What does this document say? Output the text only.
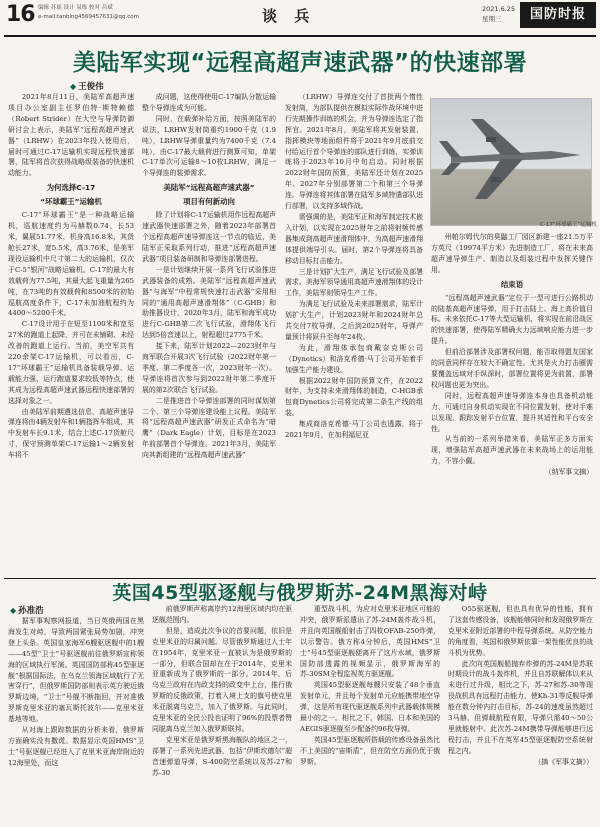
16 编辑 苏瑶 设计 易炼 校对 昌斌
e-mail:tanbing4569457631@qq.com	谈 兵	2021.6.25
星期三	国防时报
美陆军实现“远程高超声速武器”的快速部署
◆ 王俊伟

2021年8月11日，美陆军高超声速项目办公室副主任罗伯特·斯特赖德（Robert Strider）在大空与导弹防御研讨会上表示，美陆军“远程高超声速武器”（LRHW）在2023年投入使用后，届时可通过C-17运输机实现远程快速部署，陆军将首次获得战略级装备的快速机动能力。

为何选择C-17

“环球霸王”运输机

C-17“环球霸王”是一种战略运输机，巡航速度约为马赫数0.74，长53米，翼展51.77米，机身高16.8米，其货舱长27米，宽5.5米，高3.76米，是美军现役运输机中尺寸第二大的运输机，仅次于C-5“银河”战略运输机。C-17的最大有效载荷为77.5吨，其最大起飞重量为265吨，在73吨的有效载荷和8500米的初始巡航高度条件下，C-17未加油航程约为4400～5200千米。

C-17设计用于在短至1100米和宽至27米的跑道上起降，并可在未铺砌、未经改善的跑道上运行。当前，美空军共有220余架C-17运输机，可以看出，C-17“环球霸王”运输机具备装载导弹、运载能力强、运行跑道要求较低等特点，使其成为远程高超声速武器远程快速部署的选择对象之一。

由美陆军前期遴选信息，高超声速导弹连将由4辆发射车和1辆指挥车组成，其中发射车长9.1米，结合上述C-17货舱尺寸，保守预测单架C-17运输1～2辆发射车将不

成问题，这使得使用C-17编队分散运输整个导弹连成为可能。

同时，在载弹补给方面，按照美陆军的说法，LRHW发射筒重约1900千克（1.9吨），LRHW导弹重量约为7400千克（7.4吨），由C-17最大载荷进行测算可知，单架C-17单次可运输8～10枚LRHW，满足一个导弹连的装弹需求。

美陆军“远程高超声速武器”

项目有何新动向

除了计划将C-17运输机用作远程高超声速武器快速部署之外，随着2023年部署首个远程高超声速导弹连这一节点的临近，美陆军正采取系列行动，推进“远程高超声速武器”项目装备研制和导弹连部署进程。

一是计划继续开展一系列飞行试验推进武器装备的成熟。美陆军“远程高超声速武器”与海军“中程常规快速打击武器”采用相同的“通用高超声速滑翔体”（C-GHB）和助推器设计，2020年3月，陆军和海军成功进行C-GHB第二次飞行试验，滑翔体飞行达到5倍音速以上，射程超过2775千米。

接下来，陆军计划2022—2023财年与海军联合开展3次飞行试验（2022财年第一季度、第二季度各一次，2023财年一次）。导弹连将首次参与到2022财年第二季度开展的第2次联合飞行试验。

二是推进首个导弹连部署的同时谋划第二个、第三个导弹连建设能上议程。美陆军将“远程高超声速武器”研发正式命名为“暗鹰”（Dark Eagle）计划，目标是在2023年前部署首个导弹连。2021年3月，美陆军向其新组建的“远程高超声速武器”

（LRHW）导弹连交付了首批两个惰性发射筒，为部队提供在模拟实际作战环境中进行先期操作训练的机会，并为导弹连选定了指挥官。2021年8月，美陆军将其发射装置、指挥模块等地面组件将于2021年9月底前交付给运行首个导弹连的部队进行训练，实弹训练将于2023年10月中旬启动。同时根据2022财年国防预算，美陆军还计划在2025年、2027年分别部署第二个和第三个导弹连。导弹连将其体部署在陆军多域特遣部队进行部署，以支持多域作战。

需强调的是，美陆军正和海军制定技术嵌入计划，以实现在2025财年之前将射频传感器集成到高超声速滑翔体中，为高超声速滑翔体提供端导引头。届时，第2个导弹连将具备移动目标打击能力。

三是计划扩大生产，满足飞行试验及部署需求。美海军领导通用高超声速滑翔体的设计工作，美陆军则领导生产工作。

为满足飞行试验及未来部署需求，陆军计划扩大生产，计划2023财年和2024财年总共交付7枚导弹，之后到2025财年，导弹产量预计将跃升至每年24枚。

为此，滑翔体承包商戴奈克斯公司（Dynetics）和洛克希德·马丁公司开始着手加强生产能力建设。

根据2022财年国防预算文件，在2022财年，为支持未来滑翔体的制造，C-HGB承包商Dynetics公司将完成第二条生产线的组装。

集成商洛克希德·马丁公司也透露，将于2021年9月，在加利福尼亚

C-17“环球霸王”运输机

州帕尔姆代尔的臭鼬工厂园区新建一座21.5万平方英尺（19974平方米）先进制造工厂，将在未来高超声速导弹生产、制造以及组装过程中发挥关键作用。

结束语

“远程高超声速武器”定位于一型可进行公路机动的陆基高超声速导弹，用于打击陆上、海上高价值目标。未来依托C-17等大型运输机，将实现在前沿战区的快速部署，使得陆军精确火力远域响应能力进一步提升。

但前沿部署涉及部署权问题，能否取得盟友国家的同意同样存在较大不确定性。尤其是火力打击圈需要覆盖远域对手纵深时，部署位置将更为前置，部署权问题也更为突出。

同时，远程高超声速导弹连本身也具备机动能力，可通过自身机动实现在不同位置发射，使对手难以发现、跟踪发射平台位置，提升其适性和平台安全性。

从当前的一系列举措来看，美陆军正多方面实现，增强陆军高超声速武器在未来战场上的运用能力，不容小觑。

（纳军事文摘）

英国45型驱逐舰与俄罗斯苏-24M黑海对峙
◆ 孙准浩

据军事观察网报道，当日英俄两国在黑海发生对峙，导致两国紧张局势加剧，冲突登上头条。英国皇家海军6艘驱逐舰中的1艘——45型“卫士”号驱逐舰前往俄罗斯宣称领海的区域执行军演。英国国防部称45型驱逐舰”根据国际法，在乌克兰领海区域航行了无害穿行”，但俄罗斯国防部则表示英方驶近俄罗斯边境，“卫士”号舰不断拖回，并对准俄罗斯克里米亚的塞瓦斯托波尔——克里米亚基地等地。

从对海上跟踪数据的分析来看，俄罗斯方面确实没有撒谎。数据显示英国HMS“卫士”号驱逐舰已经进入了克里米亚海岸附近的12海里处，而这

前俄罗斯声称离岸约12海里区域内均在驱逐舰范围内。

但是，造成此次争议的首要问题，依旧是克里米亚的归属问题。尽管俄罗斯通过人士年在1954年，克里米亚一直被认为是俄罗斯的一部分，但联合国却在在于2014年，克里米亚重新成为了俄罗斯的一部分。2014年，后乌克兰政府在内政支持的政变中上台，推行俄罗斯的反俄政策，打着入境上支的旗号使克里米亚脱离乌克兰，加入了俄罗斯。与此同时，克里米亚的全民公投也证明了96%的投票者赞同脱离乌克兰加入俄罗斯联邦。

克里米亚是俄罗斯黑海舰队的地区之一，部署了一系列先进武器，包括“伊斯坎德尔”超音速弹道导弹，S-400防空系统以及苏-27和苏-30

重型战斗机，为应对克里米亚地区可能的冲突，俄罗斯派遣出了苏-24M轰炸战斗机，并且向英国舰船射击了四枚OFAB-250炸弹，以示警告。俄方称4分钟后，英国HMS“卫士”号45型驱逐舰便离开了这片水域，俄罗斯国防部透露的视频显示，俄罗斯海军的苏-30SM全程监视英方驱逐舰。

英国45型驱逐舰每艘只安装了48个垂直发射单元，并且每个发射单元应能携带地空导弹，这是所有现代驱逐舰系列中武器载体规模最小的之一。相比之下，韩国、日本和美国的AEGIS驱逐舰至少配备约96枚导弹。

英国45型驱逐舰所搭载的传感设备虽然比不上美国的“宙斯盾”，但在防空方面仍优于俄罗斯。

O55驱逐舰，但也具有优异的性能，拥有了这套传感设备，该舰能够同时和发现俄罗斯在克里米亚附近部署的中程导弹系统。从防空能力的角度看，英国和俄罗斯依靠一架性能优良的战斗机为优势。

此次向英国舰船抛弃炸弹的苏-24M是苏联时期设计的战斗轰炸机，并且自苏联解体以来从未进行过升级，相比之下，苏-27和苏-30等现役战机具有远程打击能力，使Kh-31等反舰导弹能在数分钟内打击目标，苏-24的速度虽然超过3马赫，但弹载航程有限，导弹只需40～50公里就能射中。此次苏-24M携带导弹能够进行远程打击，并且不在英军45型驱逐舰防空系统射程之内。

（摘《军事文摘》）
